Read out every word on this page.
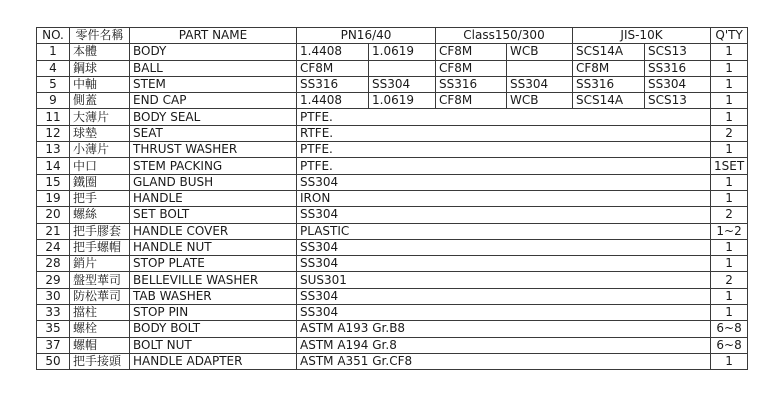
NO.	零件名稱	PART NAME	PN16/40		Class150/300		JIS-10K		Q'TY
1	本體	BODY	1.4408	1.0619	CF8M	WCB	SCS14A	SCS13	1
4	鋼球	BALL	CF8M		CF8M		CF8M	SS316	1
5	中軸	STEM	SS316	SS304	SS316	SS304	SS316	SS304	1
9	側蓋	END CAP	1.4408	1.0619	CF8M	WCB	SCS14A	SCS13	1
11	大薄片	BODY SEAL	PTFE.						1
12	球墊	SEAT	RTFE.						2
13	小薄片	THRUST WASHER	PTFE.						1
14	中口	STEM PACKING	PTFE.						1SET
15	鐵圈	GLAND BUSH	SS304						1
19	把手	HANDLE	IRON						1
20	螺絲	SET BOLT	SS304						2
21	把手膠套	HANDLE COVER	PLASTIC						1~2
24	把手螺帽	HANDLE NUT	SS304						1
28	銷片	STOP PLATE	SS304						1
29	盤型華司	BELLEVILLE WASHER	SUS301						2
30	防松華司	TAB WASHER	SS304						1
33	擋柱	STOP PIN	SS304						1
35	螺栓	BODY BOLT	ASTM A193 Gr.B8						6~8
37	螺帽	BOLT NUT	ASTM A194 Gr.8						6~8
50	把手接頭	HANDLE ADAPTER	ASTM A351 Gr.CF8						1
